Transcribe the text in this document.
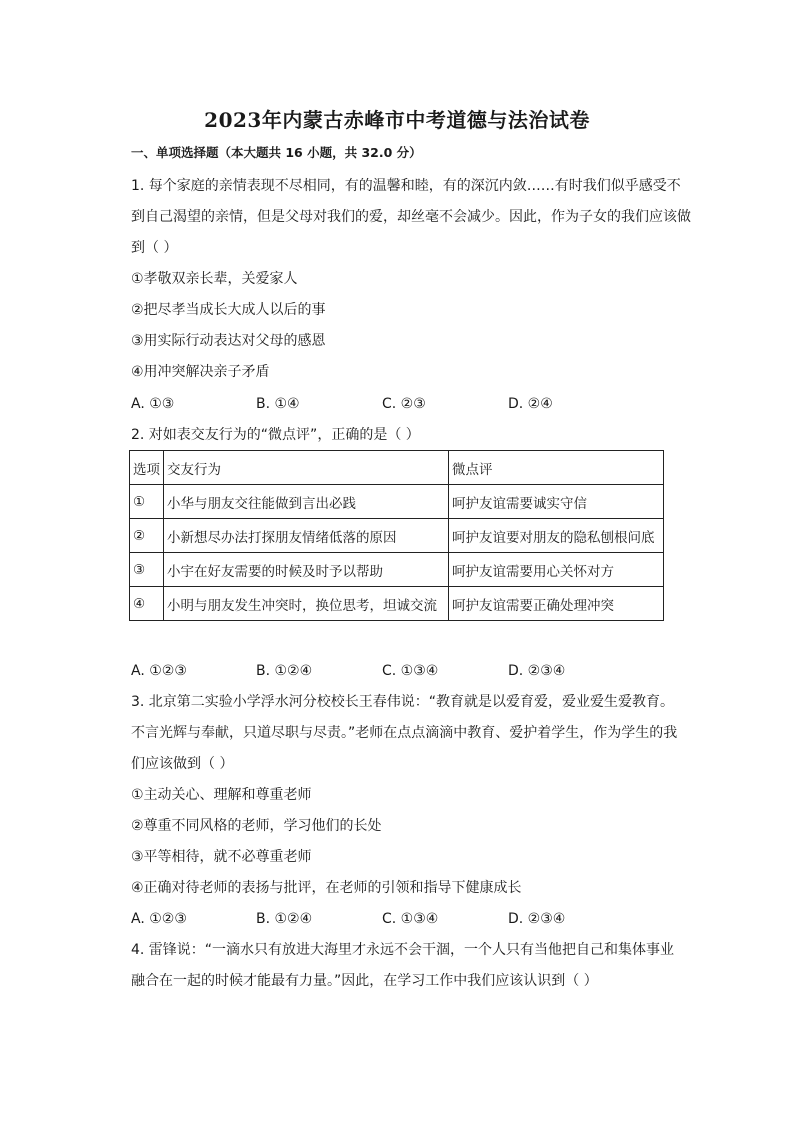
2023年内蒙古赤峰市中考道德与法治试卷
一、单项选择题（本大题共 16 小题，共 32.0 分）
1. 每个家庭的亲情表现不尽相同，有的温馨和睦，有的深沉内敛……有时我们似乎感受不
到自己渴望的亲情，但是父母对我们的爱，却丝毫不会减少。因此，作为子女的我们应该做
到（ ）
①孝敬双亲长辈，关爱家人
②把尽孝当成长大成人以后的事
③用实际行动表达对父母的感恩
④用冲突解决亲子矛盾
A. ①③	B. ①④	C. ②③	D. ②④
2. 对如表交友行为的“微点评”，正确的是（ ）
选项	交友行为	微点评
①	小华与朋友交往能做到言出必践	呵护友谊需要诚实守信
②	小新想尽办法打探朋友情绪低落的原因	呵护友谊要对朋友的隐私刨根问底
③	小宇在好友需要的时候及时予以帮助	呵护友谊需要用心关怀对方
④	小明与朋友发生冲突时，换位思考，坦诚交流	呵护友谊需要正确处理冲突
A. ①②③	B. ①②④	C. ①③④	D. ②③④
3. 北京第二实验小学浮水河分校校长王春伟说：“教育就是以爱育爱，爱业爱生爱教育。
不言光辉与奉献，只道尽职与尽责。”老师在点点滴滴中教育、爱护着学生，作为学生的我
们应该做到（ ）
①主动关心、理解和尊重老师
②尊重不同风格的老师，学习他们的长处
③平等相待，就不必尊重老师
④正确对待老师的表扬与批评，在老师的引领和指导下健康成长
A. ①②③	B. ①②④	C. ①③④	D. ②③④
4. 雷锋说：“一滴水只有放进大海里才永远不会干涸，一个人只有当他把自己和集体事业
融合在一起的时候才能最有力量。”因此，在学习工作中我们应该认识到（ ）
